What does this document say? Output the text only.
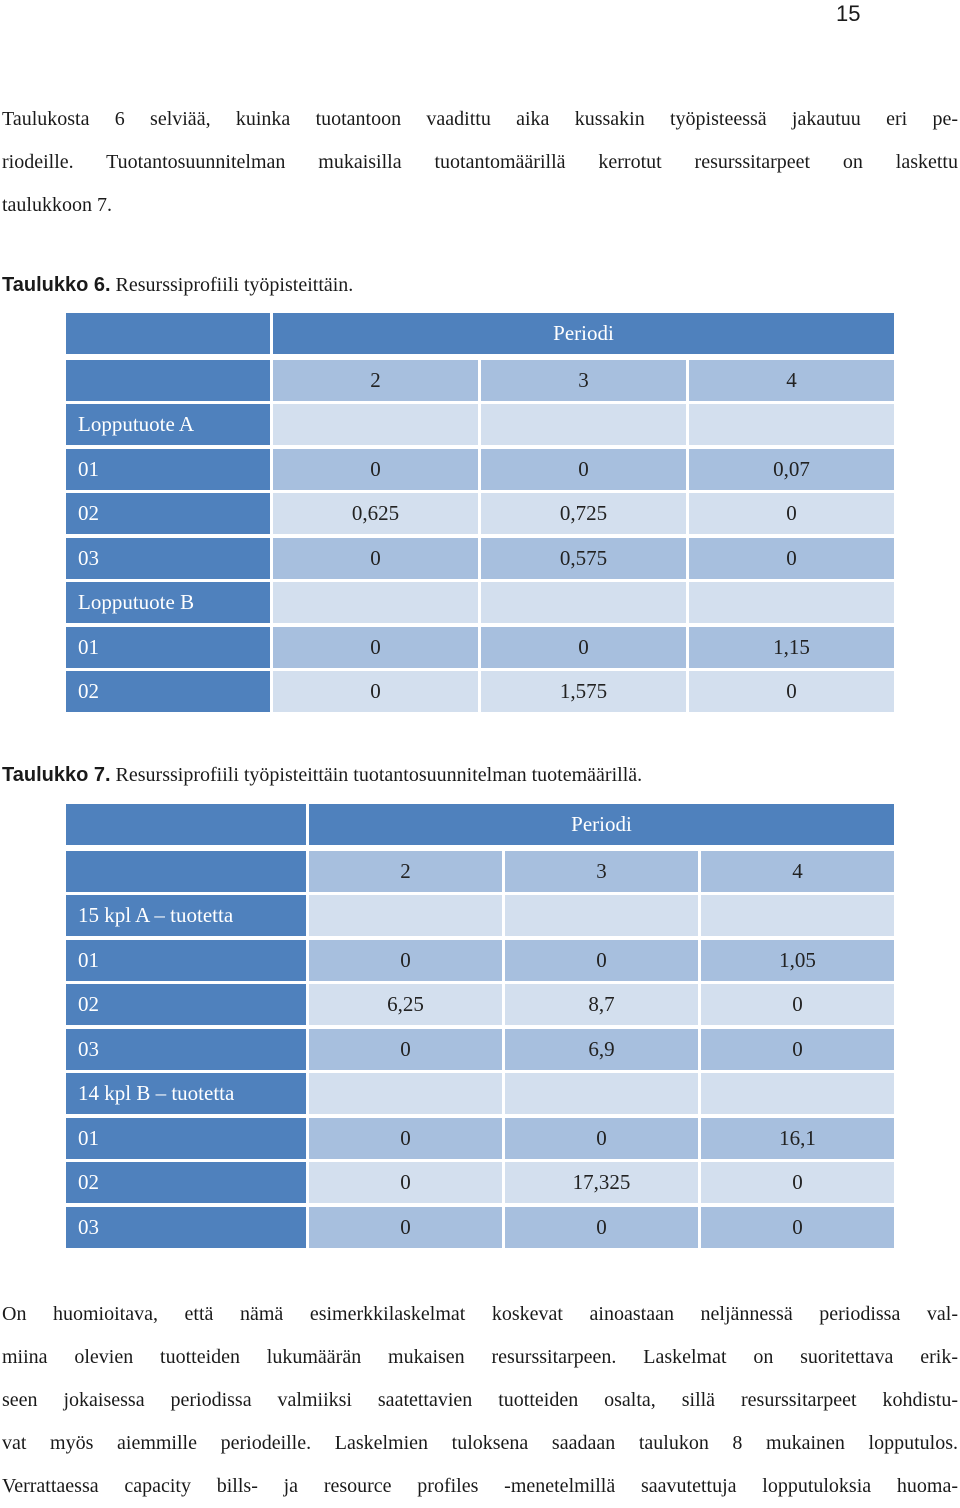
15
Taulukosta 6 selviää, kuinka tuotantoon vaadittu aika kussakin työpisteessä jakautuu eri pe-
riodeille. Tuotantosuunnitelman mukaisilla tuotantomäärillä kerrotut resurssitarpeet on laskettu
taulukkoon 7.
Taulukko 6. Resurssiprofiili työpisteittäin.
Periodi
2	3	4
Lopputuote A
01	0	0	0,07
02	0,625	0,725	0
03	0	0,575	0
Lopputuote B
01	0	0	1,15
02	0	1,575	0
Taulukko 7. Resurssiprofiili työpisteittäin tuotantosuunnitelman tuotemäärillä.
Periodi
2	3	4
15 kpl A – tuotetta
01	0	0	1,05
02	6,25	8,7	0
03	0	6,9	0
14 kpl B – tuotetta
01	0	0	16,1
02	0	17,325	0
03	0	0	0
On huomioitava, että nämä esimerkkilaskelmat koskevat ainoastaan neljännessä periodissa val-
miina olevien tuotteiden lukumäärän mukaisen resurssitarpeen. Laskelmat on suoritettava erik-
seen jokaisessa periodissa valmiiksi saatettavien tuotteiden osalta, sillä resurssitarpeet kohdistu-
vat myös aiemmille periodeille. Laskelmien tuloksena saadaan taulukon 8 mukainen lopputulos.
Verrattaessa capacity bills- ja resource profiles -menetelmillä saavutettuja lopputuloksia huoma-
